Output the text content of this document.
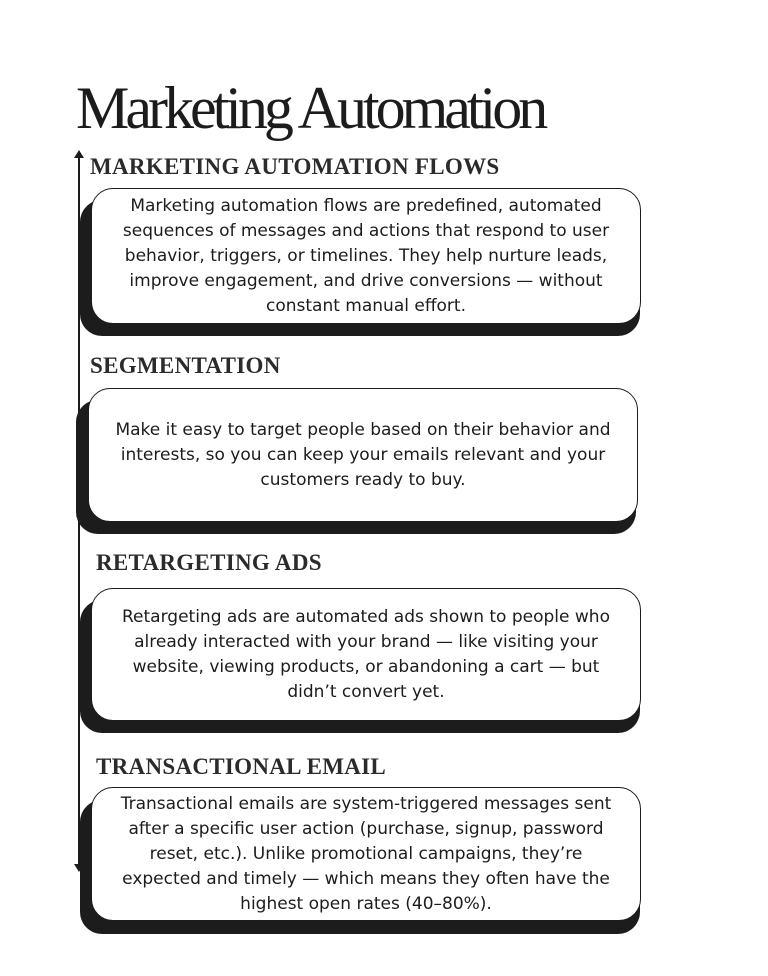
Marketing Automation
MARKETING AUTOMATION FLOWS

Marketing automation flows are predefined, automated sequences of messages and actions that respond to user behavior, triggers, or timelines. They help nurture leads, improve engagement, and drive conversions — without constant manual effort.

SEGMENTATION

Make it easy to target people based on their behavior and interests, so you can keep your emails relevant and your customers ready to buy.

RETARGETING ADS

Retargeting ads are automated ads shown to people who already interacted with your brand — like visiting your website, viewing products, or abandoning a cart — but didn’t convert yet.

TRANSACTIONAL EMAIL

Transactional emails are system-triggered messages sent after a specific user action (purchase, signup, password reset, etc.). Unlike promotional campaigns, they’re expected and timely — which means they often have the highest open rates (40–80%).
